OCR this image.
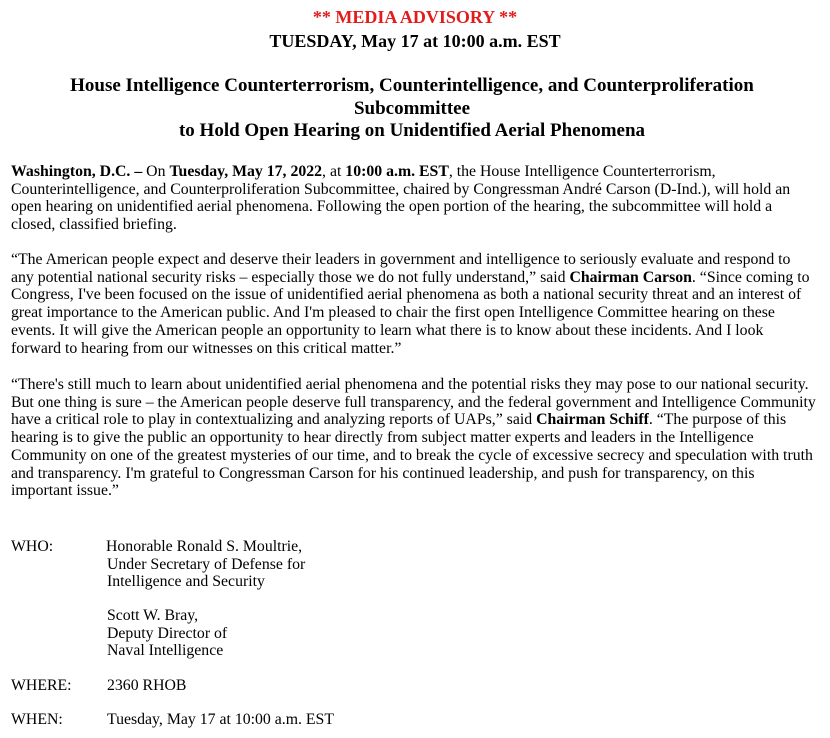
** MEDIA ADVISORY **
TUESDAY, May 17 at 10:00 a.m. EST
House Intelligence Counterterrorism, Counterintelligence, and Counterproliferation
Subcommittee
to Hold Open Hearing on Unidentified Aerial Phenomena

Washington, D.C. – On Tuesday, May 17, 2022, at 10:00 a.m. EST, the House Intelligence Counterterrorism, Counterintelligence, and Counterproliferation Subcommittee, chaired by Congressman André Carson (D-Ind.), will hold an open hearing on unidentified aerial phenomena. Following the open portion of the hearing, the subcommittee will hold a closed, classified briefing.

“The American people expect and deserve their leaders in government and intelligence to seriously evaluate and respond to any potential national security risks – especially those we do not fully understand,” said Chairman Carson. “Since coming to Congress, I've been focused on the issue of unidentified aerial phenomena as both a national security threat and an interest of great importance to the American public. And I'm pleased to chair the first open Intelligence Committee hearing on these events. It will give the American people an opportunity to learn what there is to know about these incidents. And I look forward to hearing from our witnesses on this critical matter.”

“There's still much to learn about unidentified aerial phenomena and the potential risks they may pose to our national security. But one thing is sure – the American people deserve full transparency, and the federal government and Intelligence Community have a critical role to play in contextualizing and analyzing reports of UAPs,” said Chairman Schiff. “The purpose of this hearing is to give the public an opportunity to hear directly from subject matter experts and leaders in the Intelligence Community on one of the greatest mysteries of our time, and to break the cycle of excessive secrecy and speculation with truth and transparency. I'm grateful to Congressman Carson for his continued leadership, and push for transparency, on this important issue.”

WHO:	Honorable Ronald S. Moultrie,
Under Secretary of Defense for
Intelligence and Security
Scott W. Bray,
Deputy Director of
Naval Intelligence
WHERE: 2360 RHOB
WHEN:	Tuesday, May 17 at 10:00 a.m. EST
